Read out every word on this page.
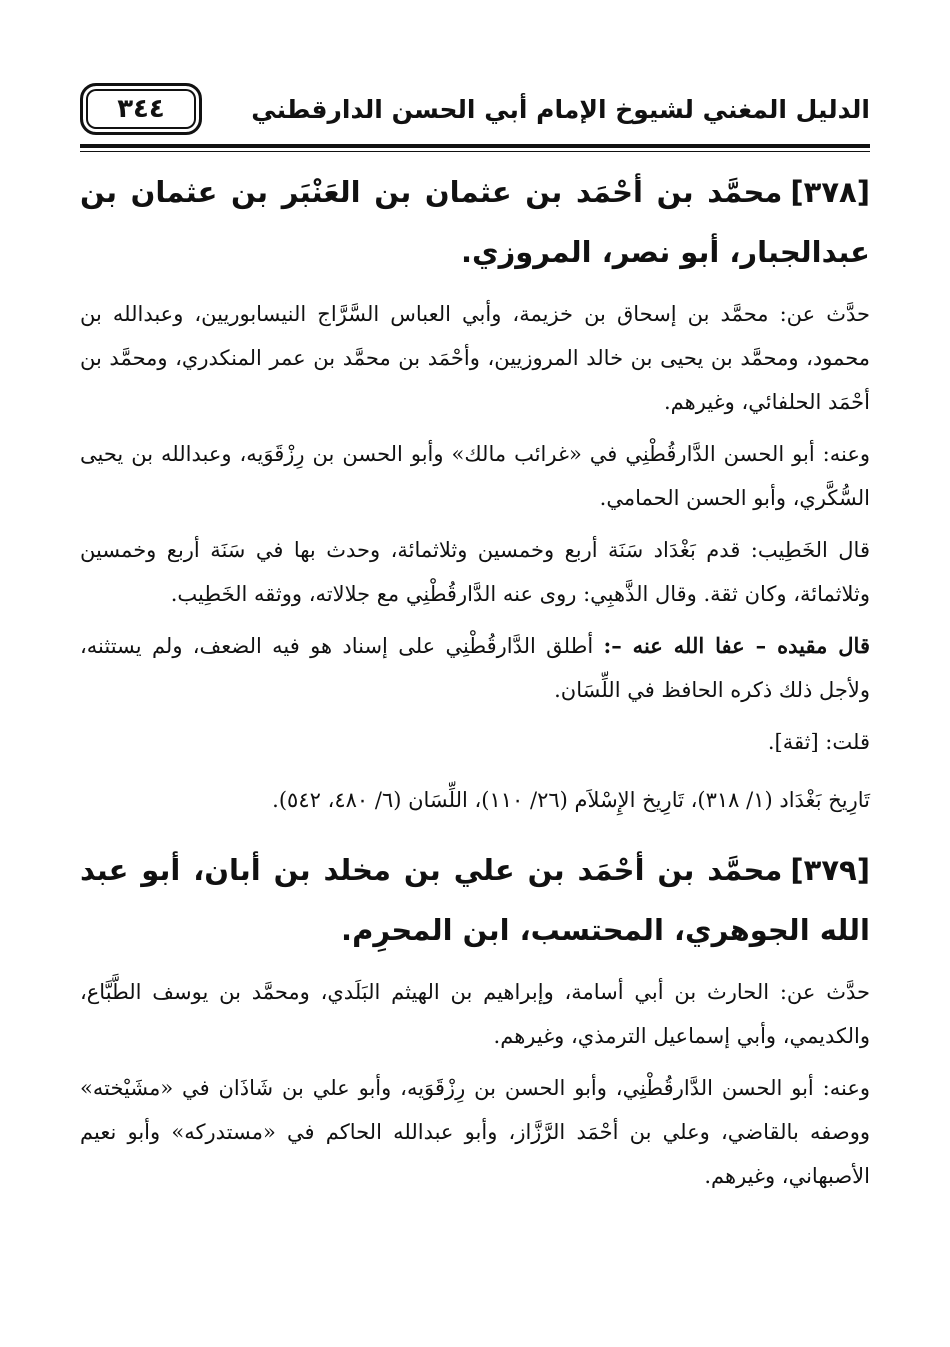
٣٤٤	الدليل المغني لشيوخ الإمام أبي الحسن الدارقطني
[٣٧٨]محمَّد بن أحْمَد بن عثمان بن العَنْبَر بن عثمان بن عبدالجبار، أبو نصر، المروزي.

حدَّث عن: محمَّد بن إسحاق بن خزيمة، وأبي العباس السَّرَّاج النيسابوريين، وعبدالله بن محمود، ومحمَّد بن يحيى بن خالد المروزيين، وأحْمَد بن محمَّد بن عمر المنكدري، ومحمَّد بن أحْمَد الحلفائي، وغيرهم.

وعنه: أبو الحسن الدَّارقُطْنِي في «غرائب مالك» وأبو الحسن بن رِزْقَوَيه، وعبدالله بن يحيى السُّكَّري، وأبو الحسن الحمامي.

قال الخَطِيب: قدم بَغْدَاد سَنَة أربع وخمسين وثلاثمائة، وحدث بها في سَنَة أربع وخمسين وثلاثمائة، وكان ثقة. وقال الذَّهبِي: روى عنه الدَّارقُطْنِي مع جلالاته، ووثقه الخَطِيب.

قال مقيده – عفا الله عنه –: أطلق الدَّارقُطْنِي على إسناد هو فيه الضعف، ولم يستثنه، ولأجل ذلك ذكره الحافظ في اللِّسَان.

قلت: [ثقة].

تَارِيخ بَغْدَاد (١/ ٣١٨)، تَارِيخ الإِسْلاَم (٢٦/ ١١٠)، اللِّسَان (٦/ ٤٨٠، ٥٤٢).

[٣٧٩]محمَّد بن أحْمَد بن علي بن مخلد بن أبان، أبو عبد الله الجوهري، المحتسب، ابن المحرِم.

حدَّث عن: الحارث بن أبي أسامة، وإبراهيم بن الهيثم البَلَدي، ومحمَّد بن يوسف الطَّبَّاع، والكديمي، وأبي إسماعيل الترمذي، وغيرهم.

وعنه: أبو الحسن الدَّارقُطْنِي، وأبو الحسن بن رِزْقَوَيه، وأبو علي بن شَاذَان في «مشَيْخته» ووصفه بالقاضي، وعلي بن أحْمَد الرَّزَّاز، وأبو عبدالله الحاكم في «مستدركه» وأبو نعيم الأصبهاني، وغيرهم.
